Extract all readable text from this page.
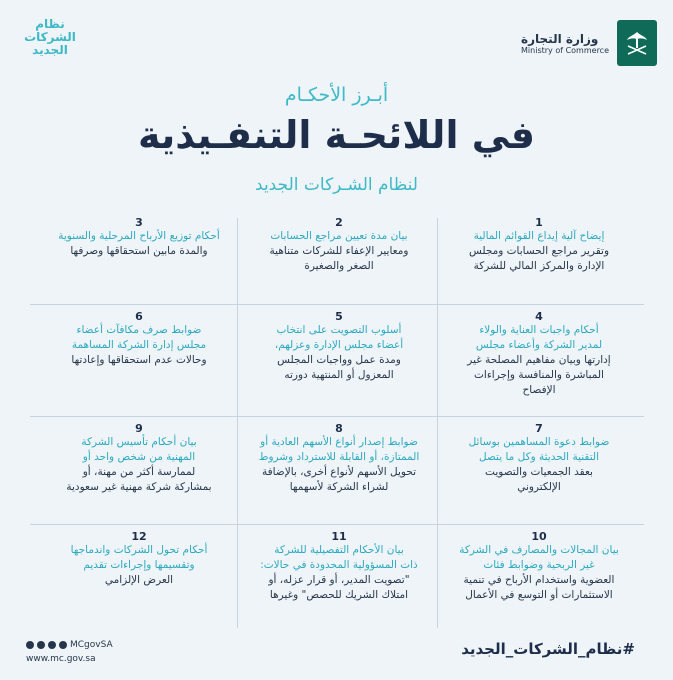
نظام
الشركات
الجديد
وزارة التجارة
Ministry of Commerce
أبـرز الأحكـام
في اللائحـة التنفـيذية
لنظام الشـركات الجديد
1
إيضاح آلية إيداع القوائم المالية
وتقرير مراجع الحسابات ومجلس
الإدارة والمركز المالي للشركة
2
بيان مدة تعيين مراجع الحسابات
ومعايير الإعفاء للشركات متناهية
الصغر والصغيرة
3
أحكام توزيع الأرباح المرحلية والسنوية
والمدة مابين استحقاقها وصرفها
4
أحكام واجبات العناية والولاء
لمدير الشركة وأعضاء مجلس
إدارتها وبيان مفاهيم المصلحة غير
المباشرة والمنافسة وإجراءات
الإفصاح
5
أسلوب التصويت على انتخاب
أعضاء مجلس الإدارة وعزلهم،
ومدة عمل وواجبات المجلس
المعزول أو المنتهية دورته
6
ضوابط صرف مكافآت أعضاء
مجلس إدارة الشركة المساهمة
وحالات عدم استحقاقها وإعادتها
7
ضوابط دعوة المساهمين بوسائل
التقنية الحديثة وكل ما يتصل
بعقد الجمعيات والتصويت
الإلكتروني
8
ضوابط إصدار أنواع الأسهم العادية أو
الممتازة، أو القابلة للاسترداد وشروط
تحويل الأسهم لأنواع أخرى، بالإضافة
لشراء الشركة لأسهمها
9
بيان أحكام تأسيس الشركة
المهنية من شخص واحد أو
لممارسة أكثر من مهنة، أو
بمشاركة شركة مهنية غير سعودية
10
بيان المجالات والمصارف في الشركة
غير الربحية وضوابط فئات
العضوية واستخدام الأرباح في تنمية
الاستثمارات أو التوسع في الأعمال
11
بيان الأحكام التفصيلية للشركة
ذات المسؤولية المحدودة في حالات:
"تصويت المدير، أو قرار عزله، أو
امتلاك الشريك للحصص" وغيرها
12
أحكام تحول الشركات واندماجها
وتقسيمها وإجراءات تقديم
العرض الإلزامي
MCgovSA
www.mc.gov.sa
#نظام_الشركات_الجديد
